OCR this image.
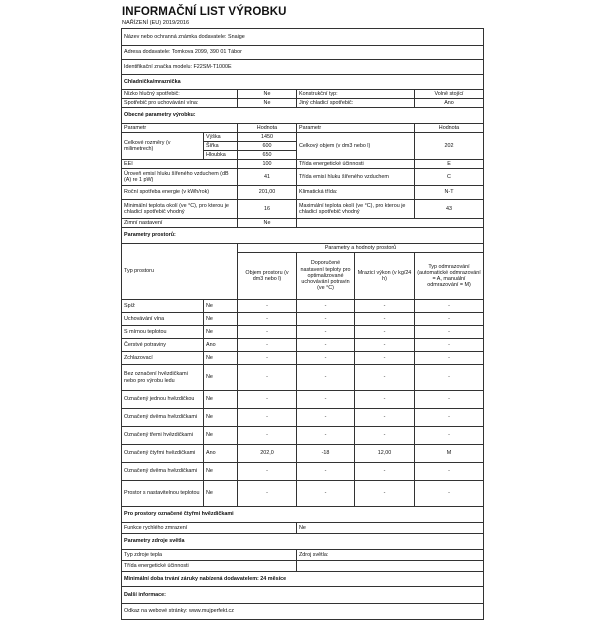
INFORMAČNÍ LIST VÝROBKU
NAŘÍZENÍ (EU) 2019/2016
Název nebo ochranná známka dodavatele: Snaige					
Adresa dodavatele: Tomkova 2099, 390 01 Tábor					
Identifikační značka modelu: F22SM-T1000E					
Chladnička/mraznička					
Nízko hlučný spotřebič:		Ne	Konstrukční typ:		Volně stojící
Spotřebič pro uchovávání vína:		Ne	Jiný chladicí spotřebič:		Ano
Obecné parametry výrobku:					
Parametr		Hodnota	Parametr		Hodnota
Celkové rozměry (v milimetrech)	Výška	1450	Celkový objem (v dm3 nebo l)		202
	Šířka	600			
	Hloubka	650			
EEI		100	Třída energetické účinnosti		E
Úroveň emisí hluku šířeného vzduchem (dB (A) re 1 pW)		41	Třída emisí hluku šířeného vzduchem		C
Roční spotřeba energie (v kWh/rok)		201,00	Klimatická třída:		N-T
Minimální teplota okolí (ve °C), pro kterou je chladicí spotřebič vhodný		16	Maximální teplota okolí (ve °C), pro kterou je chladicí spotřebič vhodný		43
Zimní nastavení		Ne			
Parametry prostorů:					
Typ prostoru		Parametry a hodnoty prostorů			
		Objem prostoru (v dm3 nebo l)	Doporučené nastavení teploty pro optimalizované uchovávání potravin (ve °C)	Mrazicí výkon (v kg/24 h)	Typ odmrazování (automatické odmrazování = A, manuální odmrazování = M)
Spíž	Ne	-	-	-	-
Uchovávání vína	Ne	-	-	-	-
S mírnou teplotou	Ne	-	-	-	-
Čerstvé potraviny	Ano	-	-	-	-
Zchlazovací	Ne	-	-	-	-
Bez označení hvězdičkami nebo pro výrobu ledu	Ne	-	-	-	-
Označený jednou hvězdičkou	Ne	-	-	-	-
Označený dvěma hvězdičkami	Ne	-	-	-	-
Označený třemi hvězdičkami	Ne	-	-	-	-
Označený čtyřmi hvězdičkami	Ano	202,0	-18	12,00	M
Označený dvěma hvězdičkami	Ne	-	-	-	-
Prostor s nastavitelnou teplotou	Ne	-	-	-	-
Pro prostory označené čtyřmi hvězdičkami					
Funkce rychlého zmrazení			Ne		
Parametry zdroje světla					
Typ zdroje tepla			Zdroj světla:		
Třída energetické účinnosti					
Minimální doba trvání záruky nabízená dodavatelem: 24 měsíce					
Další informace:					
Odkaz na webové stránky: www.mujperfekt.cz					
